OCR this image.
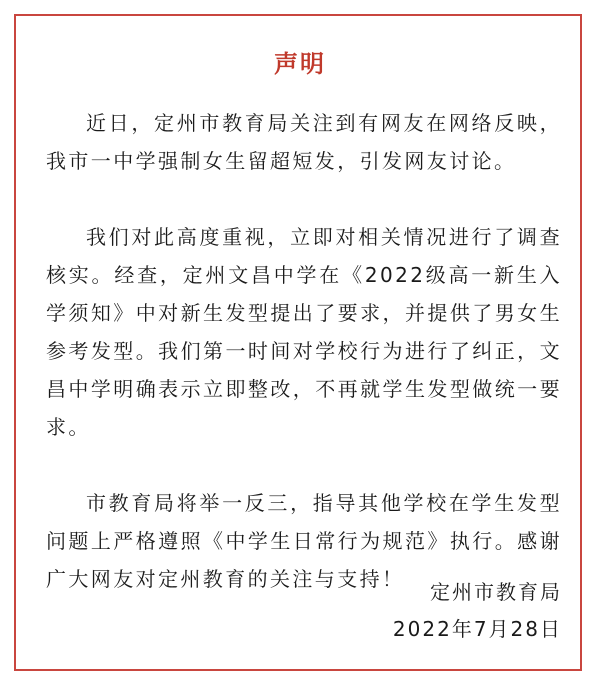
声明

近日，定州市教育局关注到有网友在网络反映，我市一中学强制女生留超短发，引发网友讨论。

我们对此高度重视，立即对相关情况进行了调查核实。经查，定州文昌中学在《2022级高一新生入学须知》中对新生发型提出了要求，并提供了男女生参考发型。我们第一时间对学校行为进行了纠正，文昌中学明确表示立即整改，不再就学生发型做统一要求。

市教育局将举一反三，指导其他学校在学生发型问题上严格遵照《中学生日常行为规范》执行。感谢广大网友对定州教育的关注与支持！

定州市教育局
2022年7月28日
